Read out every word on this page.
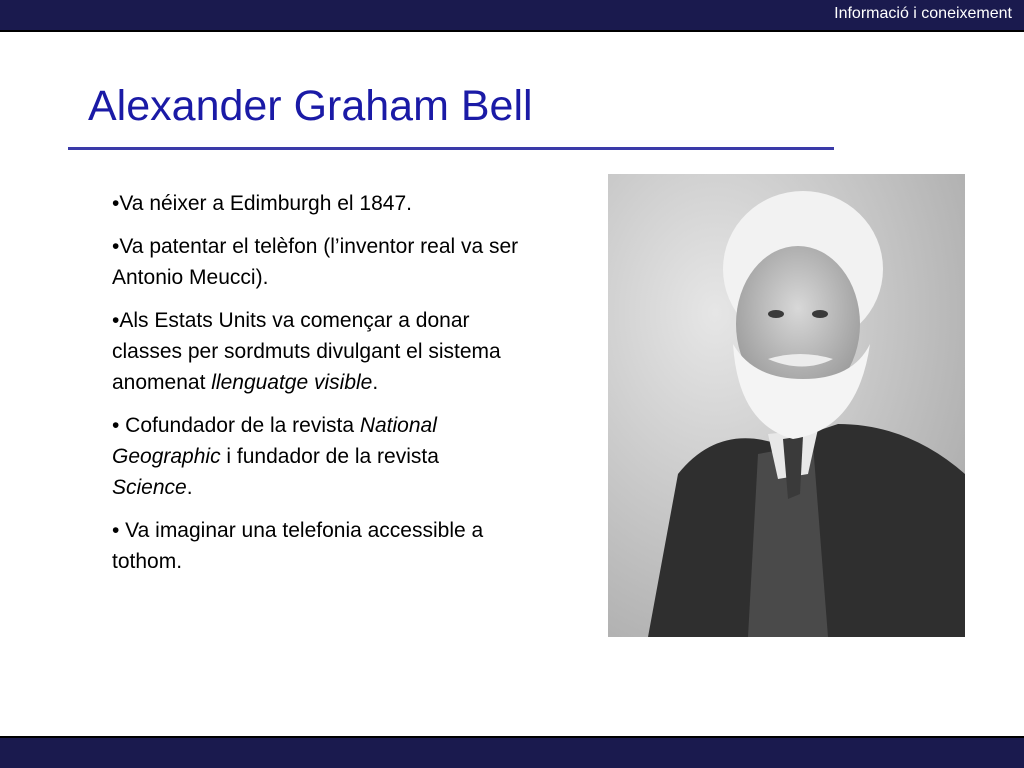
Informació i coneixement
Alexander Graham Bell

•Va néixer a Edimburgh el 1847.

•Va patentar el telèfon (l’inventor real va ser Antonio Meucci).

•Als Estats Units va començar a donar classes per sordmuts divulgant el sistema anomenat llenguatge visible.

• Cofundador de la revista National Geographic i fundador de la revista Science.

• Va imaginar una telefonia accessible a tothom.
